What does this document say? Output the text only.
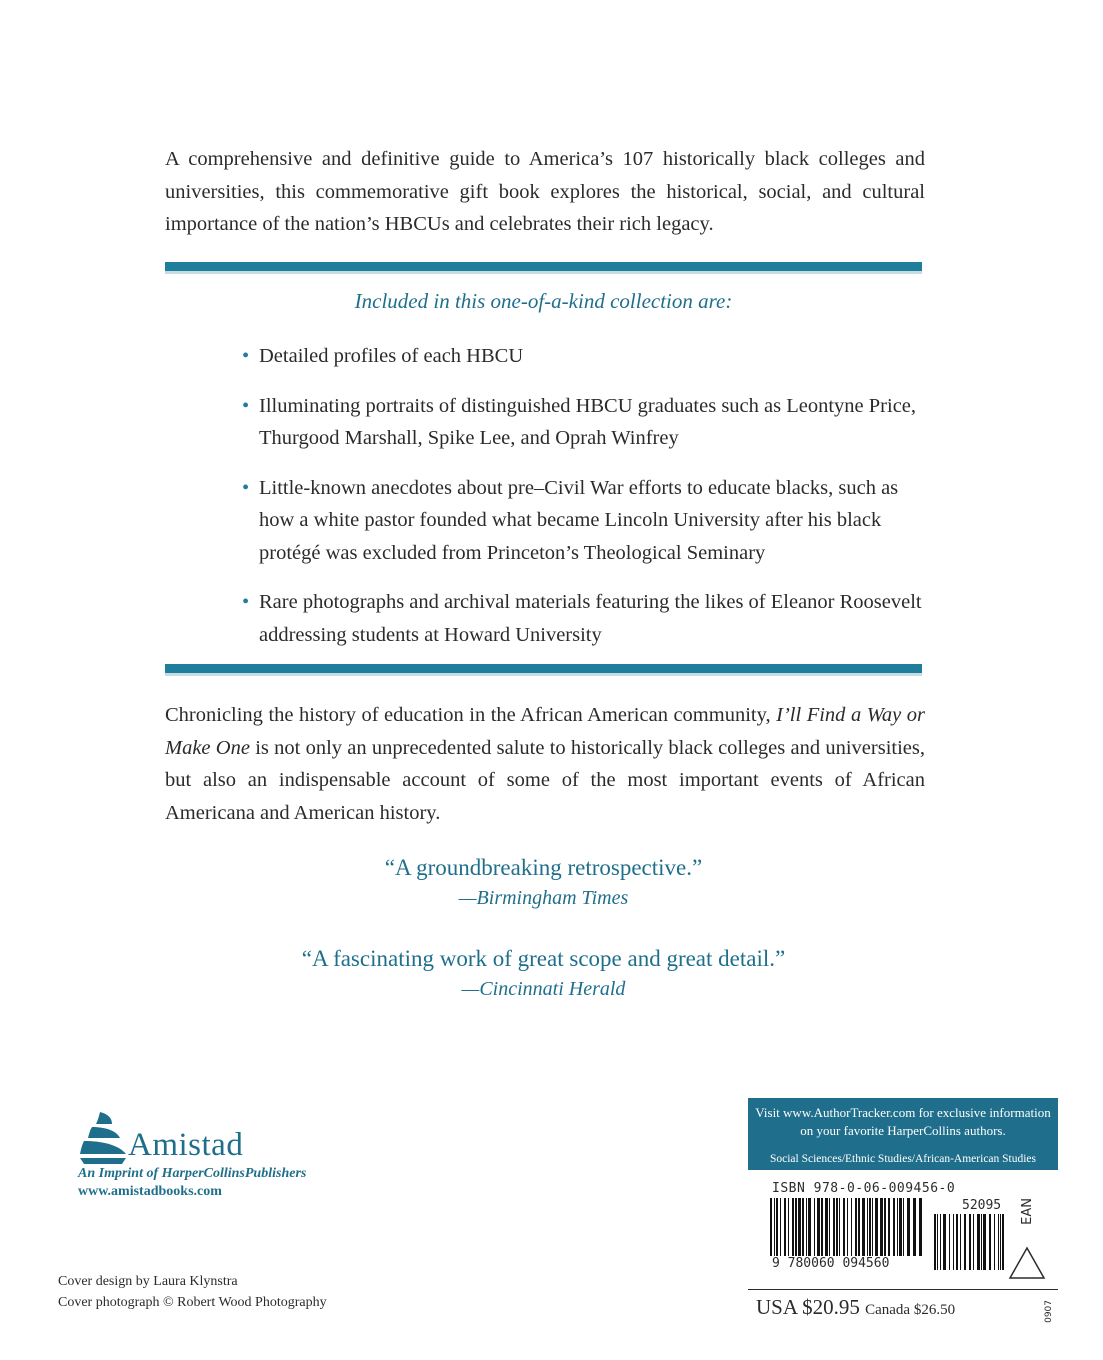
A comprehensive and definitive guide to America’s 107 historically black colleges and universities, this commemorative gift book explores the historical, social, and cultural importance of the nation’s HBCUs and celebrates their rich legacy.
Included in this one-of-a-kind collection are:
• Detailed profiles of each HBCU
• Illuminating portraits of distinguished HBCU graduates such as Leontyne Price, Thurgood Marshall, Spike Lee, and Oprah Winfrey
• Little-known anecdotes about pre–Civil War efforts to educate blacks, such as how a white pastor founded what became Lincoln University after his black protégé was excluded from Princeton’s Theological Seminary
• Rare photographs and archival materials featuring the likes of Eleanor Roosevelt addressing students at Howard University
Chronicling the history of education in the African American community, I’ll Find a Way or Make One is not only an unprecedented salute to historically black colleges and universities, but also an indispensable account of some of the most important events of African Americana and American history.
“A groundbreaking retrospective.”
—Birmingham Times
“A fascinating work of great scope and great detail.”
—Cincinnati Herald
Amistad
An Imprint of HarperCollinsPublishers
www.amistadbooks.com
Cover design by Laura Klynstra
Cover photograph © Robert Wood Photography
Visit www.AuthorTracker.com for exclusive information on your favorite HarperCollins authors.
Social Sciences/Ethnic Studies/African-American Studies
ISBN 978-0-06-009456-0
9 780060 094560
52095 EAN
USA $20.95 Canada $26.50	0907
